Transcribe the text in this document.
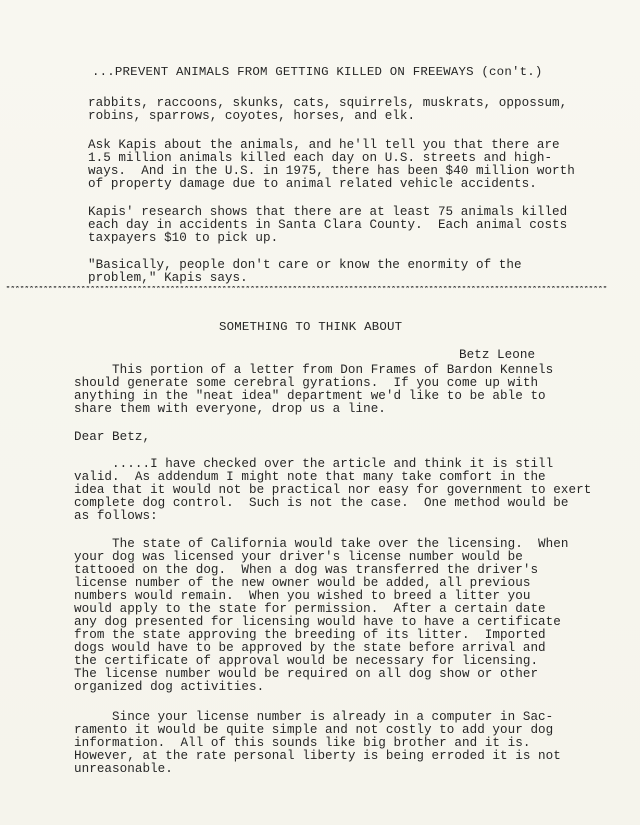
...PREVENT ANIMALS FROM GETTING KILLED ON FREEWAYS (con't.)
rabbits, raccoons, skunks, cats, squirrels, muskrats, oppossum,
robins, sparrows, coyotes, horses, and elk.
Ask Kapis about the animals, and he'll tell you that there are
1.5 million animals killed each day on U.S. streets and high-
ways.  And in the U.S. in 1975, there has been $40 million worth
of property damage due to animal related vehicle accidents.
Kapis' research shows that there are at least 75 animals killed
each day in accidents in Santa Clara County.  Each animal costs
taxpayers $10 to pick up.
"Basically, people don't care or know the enormity of the
problem," Kapis says.
********************************************************************************************************************************
SOMETHING TO THINK ABOUT
Betz Leone
This portion of a letter from Don Frames of Bardon Kennels
should generate some cerebral gyrations.  If you come up with
anything in the "neat idea" department we'd like to be able to
share them with everyone, drop us a line.
Dear Betz,
.....I have checked over the article and think it is still
valid.  As addendum I might note that many take comfort in the
idea that it would not be practical nor easy for government to exert
complete dog control.  Such is not the case.  One method would be
as follows:
The state of California would take over the licensing.  When
your dog was licensed your driver's license number would be
tattooed on the dog.  When a dog was transferred the driver's
license number of the new owner would be added, all previous
numbers would remain.  When you wished to breed a litter you
would apply to the state for permission.  After a certain date
any dog presented for licensing would have to have a certificate
from the state approving the breeding of its litter.  Imported
dogs would have to be approved by the state before arrival and
the certificate of approval would be necessary for licensing.
The license number would be required on all dog show or other
organized dog activities.
Since your license number is already in a computer in Sac-
ramento it would be quite simple and not costly to add your dog
information.  All of this sounds like big brother and it is.
However, at the rate personal liberty is being erroded it is not
unreasonable.
